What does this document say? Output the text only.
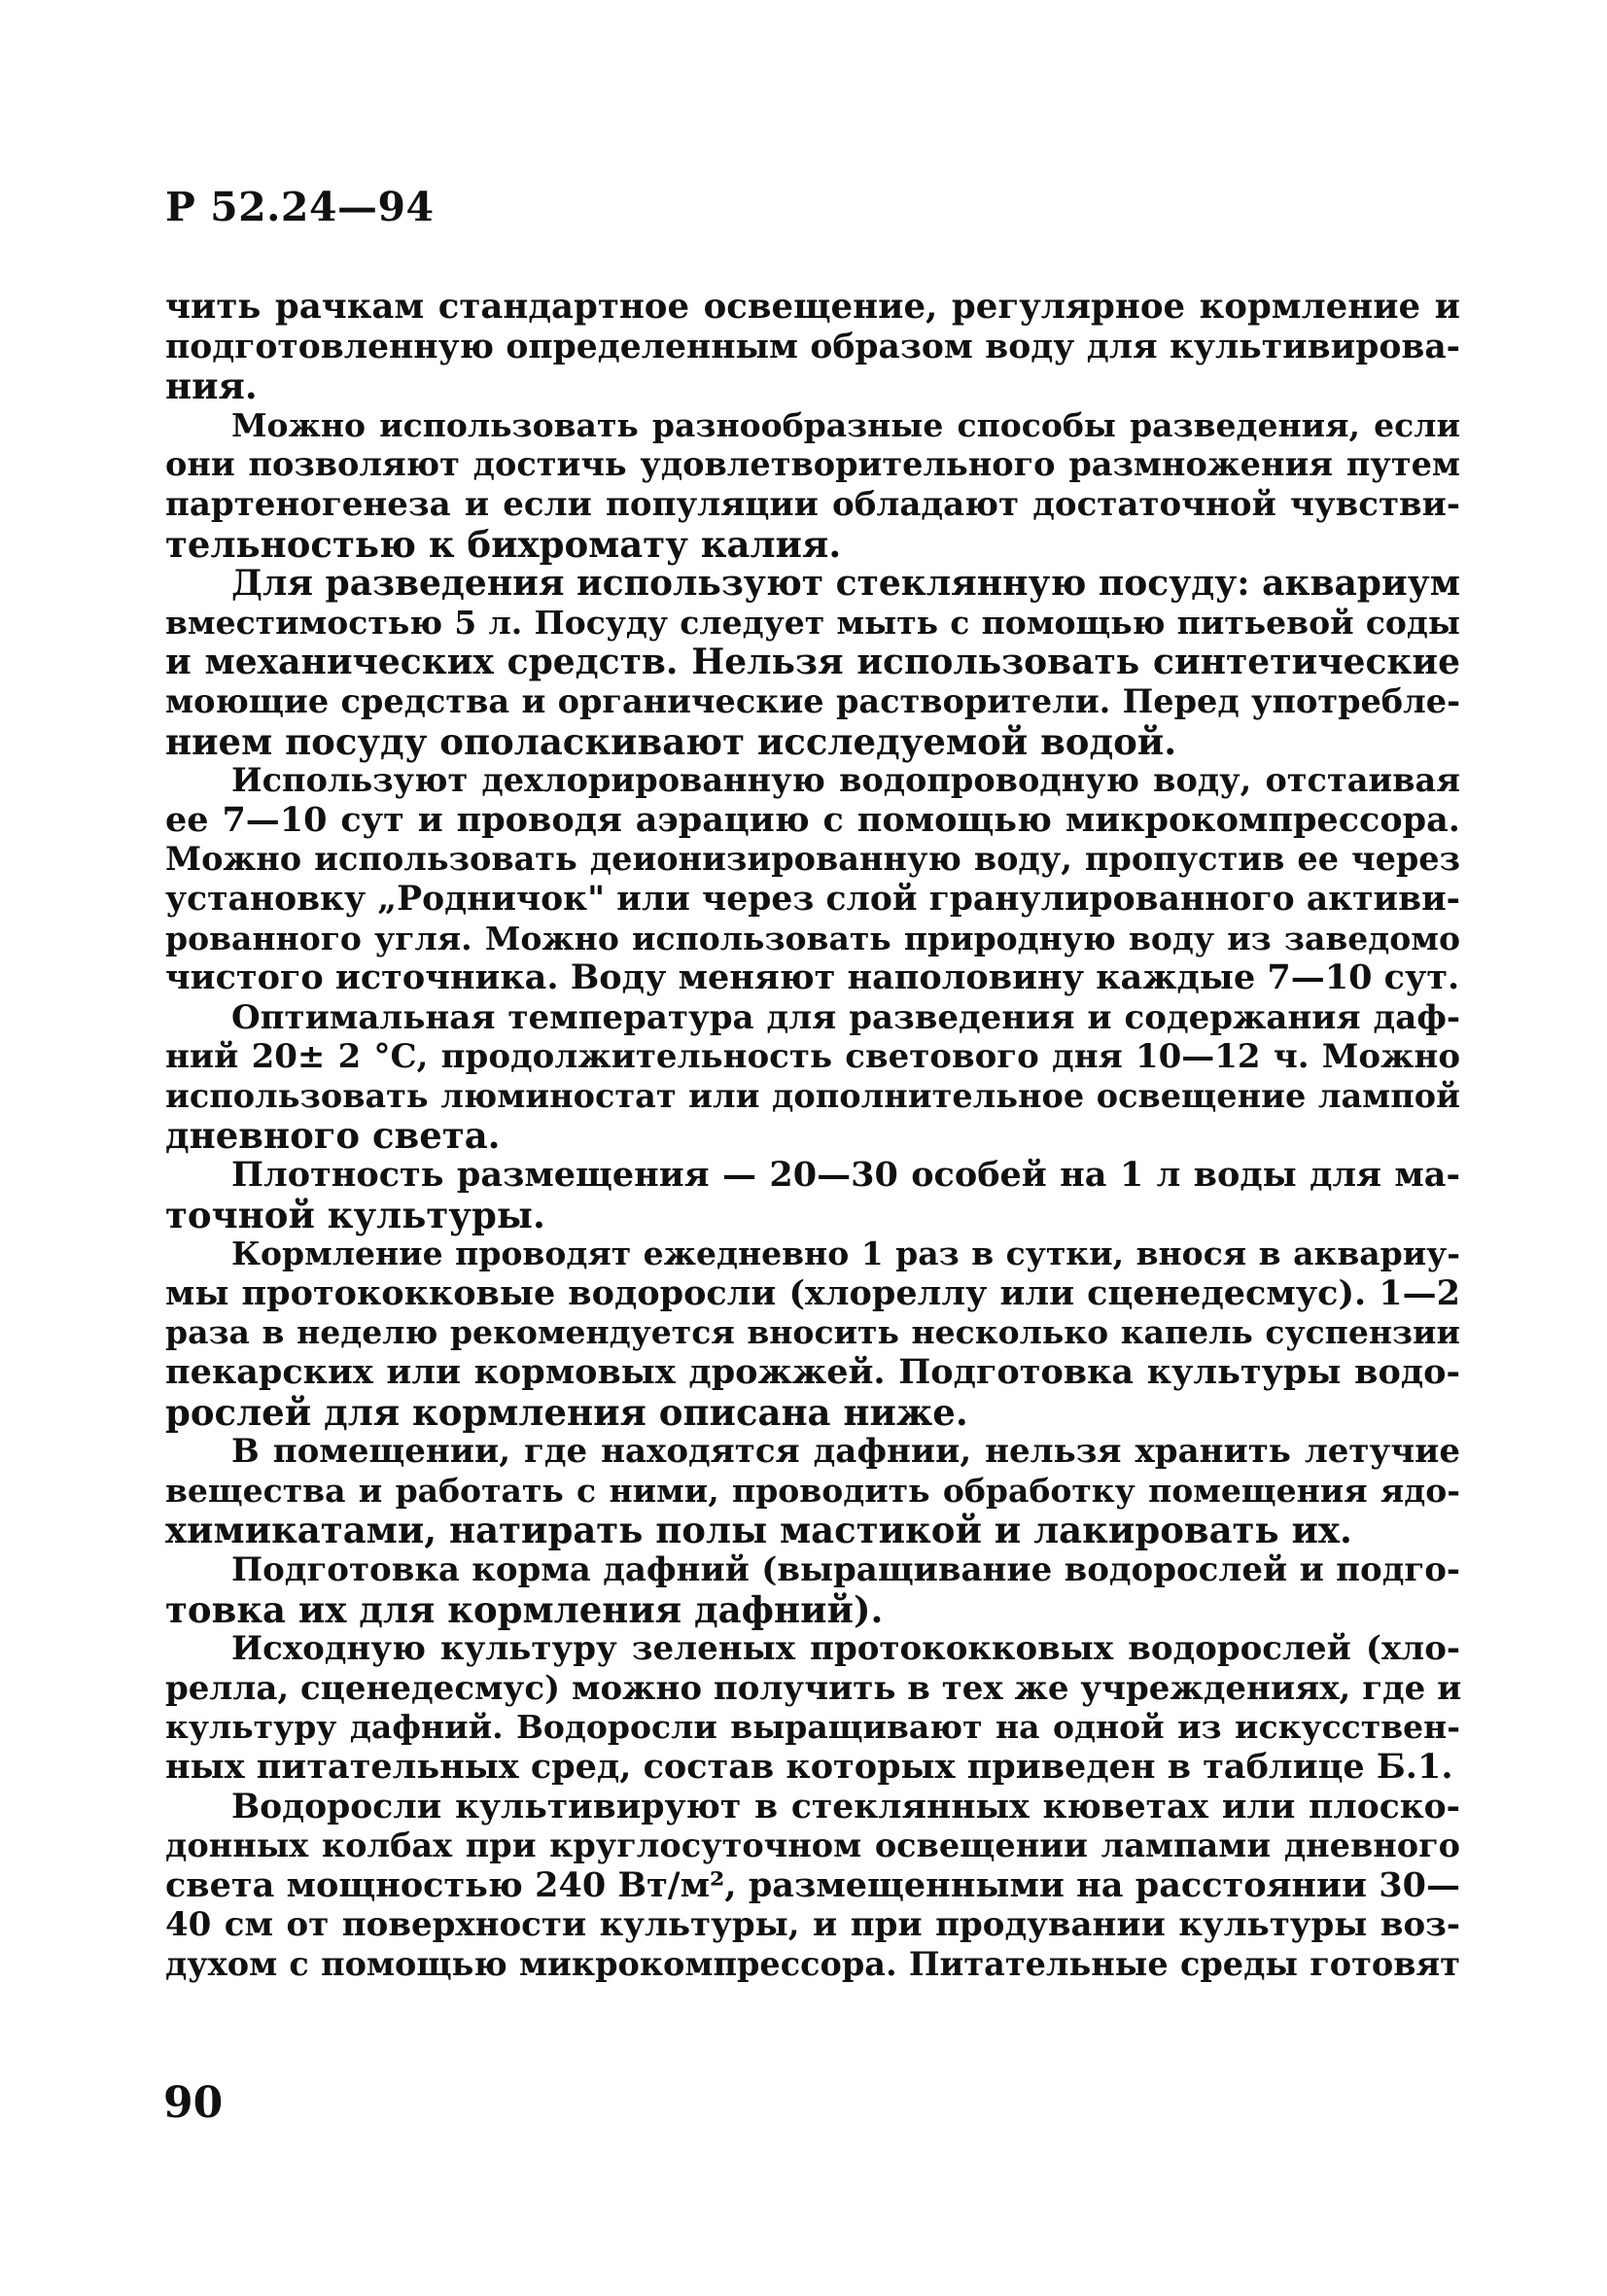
Р 52.24—94
чить рачкам стандартное освещение, регулярное кормление и
подготовленную определенным образом воду для культивирова-
ния.
Можно использовать разнообразные способы разведения, если
они позволяют достичь удовлетворительного размножения путем
партеногенеза и если популяции обладают достаточной чувстви-
тельностью к бихромату калия.
Для разведения используют стеклянную посуду: аквариум
вместимостью 5 л. Посуду следует мыть с помощью питьевой соды
и механических средств. Нельзя использовать синтетические
моющие средства и органические растворители. Перед употребле-
нием посуду ополаскивают исследуемой водой.
Используют дехлорированную водопроводную воду, отстаивая
ее 7—10 сут и проводя аэрацию с помощью микрокомпрессора.
Можно использовать деионизированную воду, пропустив ее через
установку „Родничок" или через слой гранулированного активи-
рованного угля. Можно использовать природную воду из заведомо
чистого источника. Воду меняют наполовину каждые 7—10 сут.
Оптимальная температура для разведения и содержания даф-
ний 20± 2 °С, продолжительность светового дня 10—12 ч. Можно
использовать люминостат или дополнительное освещение лампой
дневного света.
Плотность размещения — 20—30 особей на 1 л воды для ма-
точной культуры.
Кормление проводят ежедневно 1 раз в сутки, внося в аквариу-
мы протококковые водоросли (хлореллу или сценедесмус). 1—2
раза в неделю рекомендуется вносить несколько капель суспензии
пекарских или кормовых дрожжей. Подготовка культуры водо-
рослей для кормления описана ниже.
В помещении, где находятся дафнии, нельзя хранить летучие
вещества и работать с ними, проводить обработку помещения ядо-
химикатами, натирать полы мастикой и лакировать их.
Подготовка корма дафний (выращивание водорослей и подго-
товка их для кормления дафний).
Исходную культуру зеленых протококковых водорослей (хло-
релла, сценедесмус) можно получить в тех же учреждениях, где и
культуру дафний. Водоросли выращивают на одной из искусствен-
ных питательных сред, состав которых приведен в таблице Б.1.
Водоросли культивируют в стеклянных кюветах или плоско-
донных колбах при круглосуточном освещении лампами дневного
света мощностью 240 Вт/м², размещенными на расстоянии 30—
40 см от поверхности культуры, и при продувании культуры воз-
духом с помощью микрокомпрессора. Питательные среды готовят
90
